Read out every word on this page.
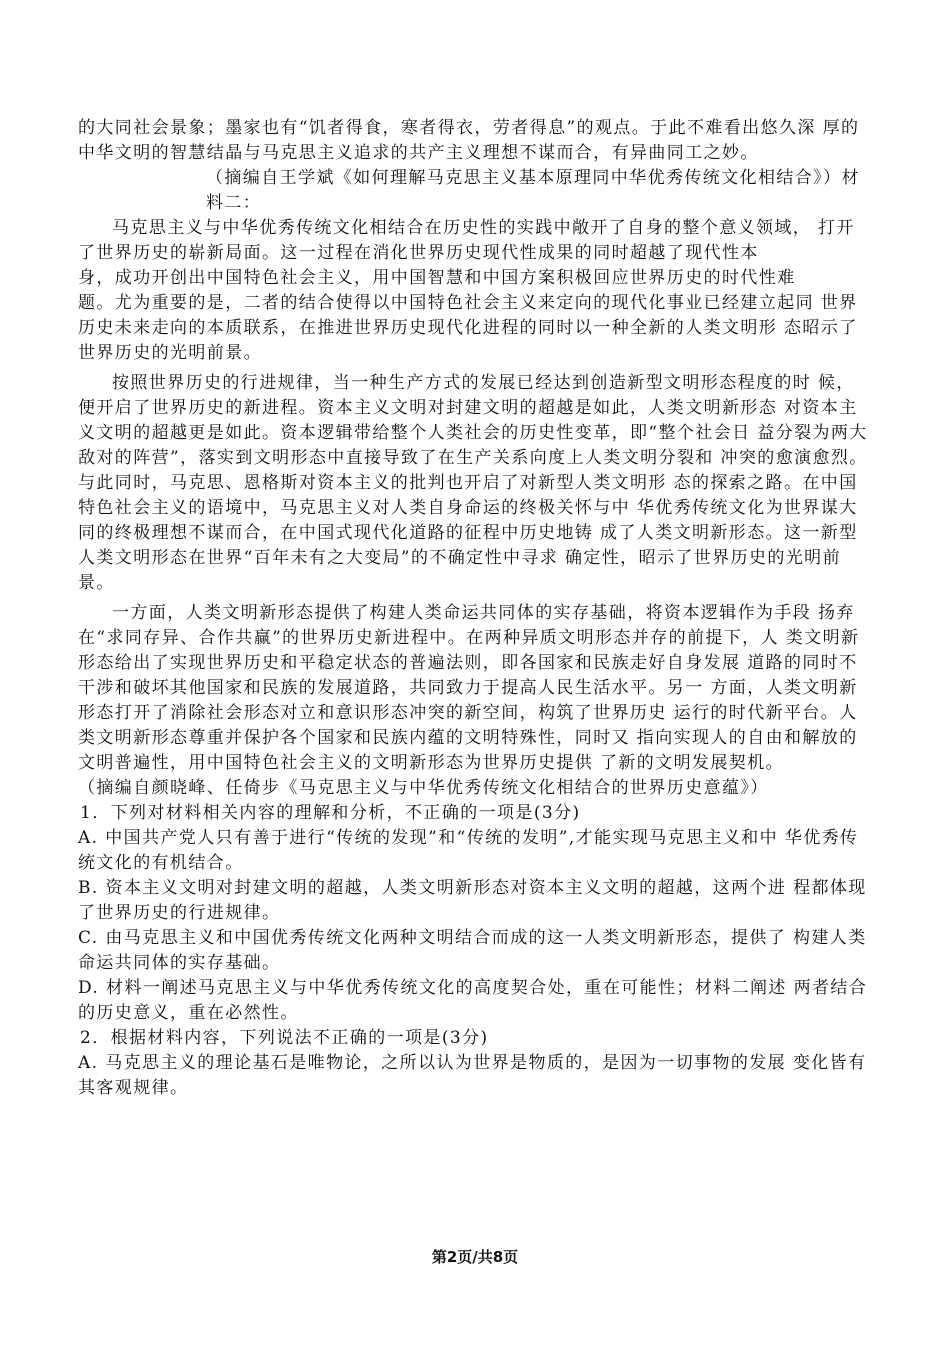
的大同社会景象；墨家也有“饥者得食，寒者得衣，劳者得息”的观点。于此不难看出悠久深 厚的中华文明的智慧结晶与马克思主义追求的共产主义理想不谋而合，有异曲同工之妙。

（摘编自王学斌《如何理解马克思主义基本原理同中华优秀传统文化相结合》）材料二：

马克思主义与中华优秀传统文化相结合在历史性的实践中敞开了自身的整个意义领域， 打开了世界历史的崭新局面。这一过程在消化世界历史现代性成果的同时超越了现代性本

身，成功开创出中国特色社会主义，用中国智慧和中国方案积极回应世界历史的时代性难

题。尤为重要的是，二者的结合使得以中国特色社会主义来定向的现代化事业已经建立起同 世界历史未来走向的本质联系，在推进世界历史现代化进程的同时以一种全新的人类文明形 态昭示了世界历史的光明前景。

按照世界历史的行进规律，当一种生产方式的发展已经达到创造新型文明形态程度的时 候，便开启了世界历史的新进程。资本主义文明对封建文明的超越是如此，人类文明新形态 对资本主义文明的超越更是如此。资本逻辑带给整个人类社会的历史性变革，即“整个社会日 益分裂为两大敌对的阵营”，落实到文明形态中直接导致了在生产关系向度上人类文明分裂和 冲突的愈演愈烈。与此同时，马克思、恩格斯对资本主义的批判也开启了对新型人类文明形 态的探索之路。在中国特色社会主义的语境中，马克思主义对人类自身命运的终极关怀与中 华优秀传统文化为世界谋大同的终极理想不谋而合，在中国式现代化道路的征程中历史地铸 成了人类文明新形态。这一新型人类文明形态在世界“百年未有之大变局”的不确定性中寻求 确定性，昭示了世界历史的光明前景。

一方面，人类文明新形态提供了构建人类命运共同体的实存基础，将资本逻辑作为手段 扬弃在“求同存异、合作共赢”的世界历史新进程中。在两种异质文明形态并存的前提下，人 类文明新形态给出了实现世界历史和平稳定状态的普遍法则，即各国家和民族走好自身发展 道路的同时不干涉和破坏其他国家和民族的发展道路，共同致力于提高人民生活水平。另一 方面，人类文明新形态打开了消除社会形态对立和意识形态冲突的新空间，构筑了世界历史 运行的时代新平台。人类文明新形态尊重并保护各个国家和民族内蕴的文明特殊性，同时又 指向实现人的自由和解放的文明普遍性，用中国特色社会主义的文明新形态为世界历史提供 了新的文明发展契机。

（摘编自颜晓峰、任倚步《马克思主义与中华优秀传统文化相结合的世界历史意蕴》）

1．下列对材料相关内容的理解和分析，不正确的一项是(3分)

A. 中国共产党人只有善于进行“传统的发现”和“传统的发明”,才能实现马克思主义和中 华优秀传统文化的有机结合。

B. 资本主义文明对封建文明的超越，人类文明新形态对资本主义文明的超越，这两个进 程都体现了世界历史的行进规律。

C. 由马克思主义和中国优秀传统文化两种文明结合而成的这一人类文明新形态，提供了 构建人类命运共同体的实存基础。

D. 材料一阐述马克思主义与中华优秀传统文化的高度契合处，重在可能性；材料二阐述 两者结合的历史意义，重在必然性。

2．根据材料内容，下列说法不正确的一项是(3分)

A. 马克思主义的理论基石是唯物论，之所以认为世界是物质的，是因为一切事物的发展 变化皆有其客观规律。

第2页/共8页
